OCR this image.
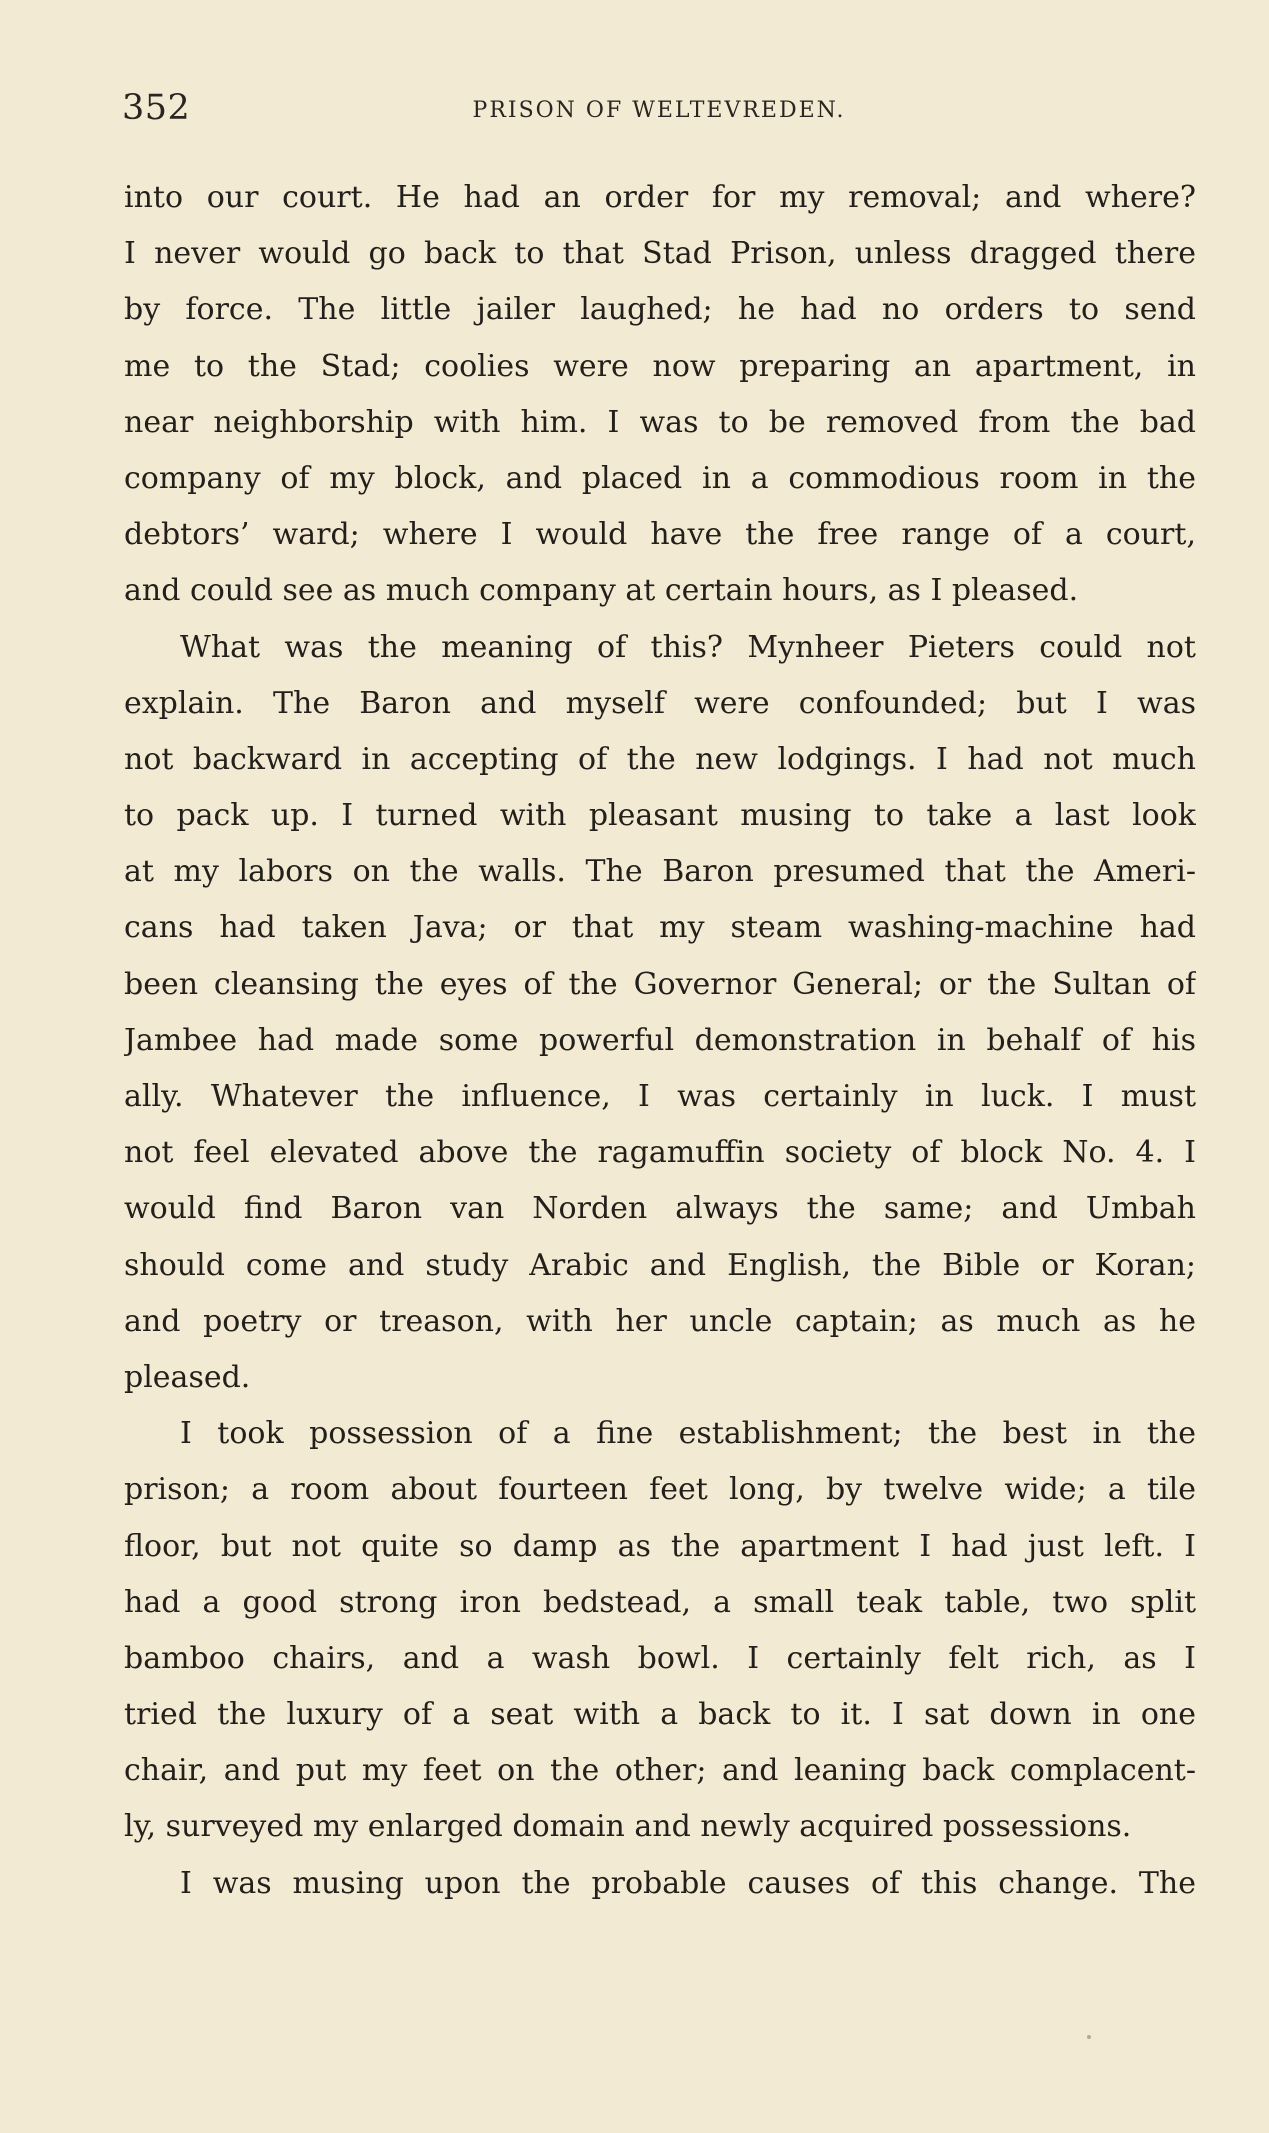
352	PRISON OF WELTEVREDEN.
into our court. He had an order for my removal; and where?
I never would go back to that Stad Prison, unless dragged there
by force. The little jailer laughed; he had no orders to send
me to the Stad; coolies were now preparing an apartment, in
near neighborship with him. I was to be removed from the bad
company of my block, and placed in a commodious room in the
debtors’ ward; where I would have the free range of a court,
and could see as much company at certain hours, as I pleased.
What was the meaning of this? Mynheer Pieters could not
explain. The Baron and myself were confounded; but I was
not backward in accepting of the new lodgings. I had not much
to pack up. I turned with pleasant musing to take a last look
at my labors on the walls. The Baron presumed that the Ameri-
cans had taken Java; or that my steam washing-machine had
been cleansing the eyes of the Governor General; or the Sultan of
Jambee had made some powerful demonstration in behalf of his
ally. Whatever the influence, I was certainly in luck. I must
not feel elevated above the ragamuffin society of block No. 4. I
would find Baron van Norden always the same; and Umbah
should come and study Arabic and English, the Bible or Koran;
and poetry or treason, with her uncle captain; as much as he
pleased.
I took possession of a fine establishment; the best in the
prison; a room about fourteen feet long, by twelve wide; a tile
floor, but not quite so damp as the apartment I had just left. I
had a good strong iron bedstead, a small teak table, two split
bamboo chairs, and a wash bowl. I certainly felt rich, as I
tried the luxury of a seat with a back to it. I sat down in one
chair, and put my feet on the other; and leaning back complacent-
ly, surveyed my enlarged domain and newly acquired possessions.
I was musing upon the probable causes of this change. The
